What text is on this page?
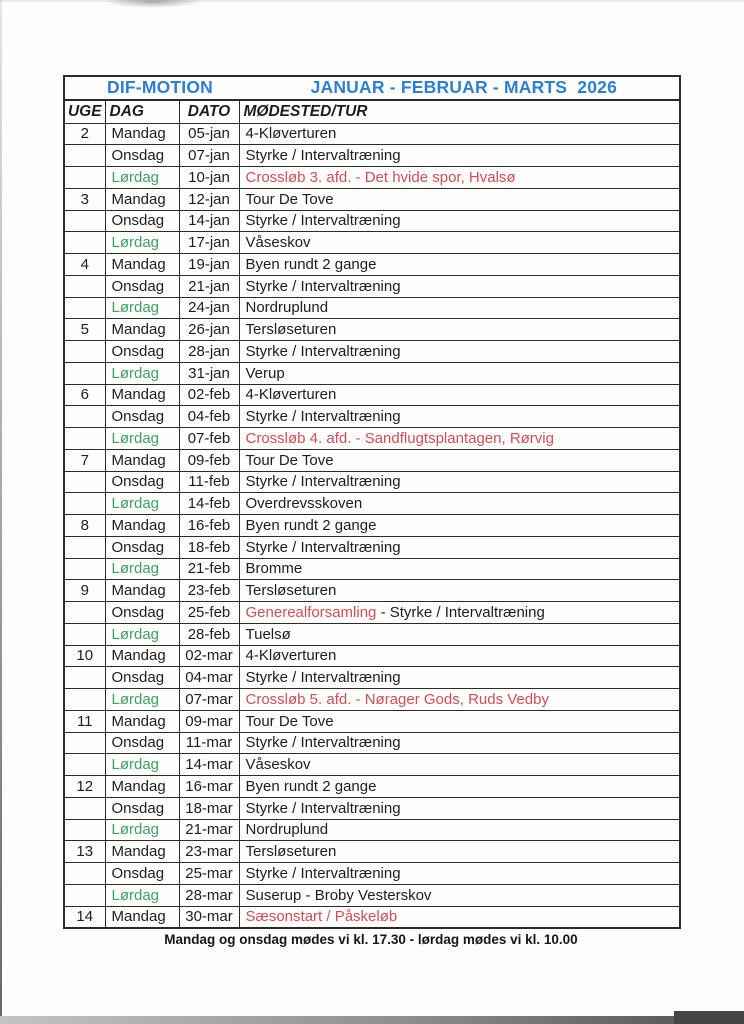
DIF-MOTION JANUAR - FEBRUAR - MARTS  2026			

UGE	DAG	DATO	MØDESTED/TUR
2	Mandag	05-jan	4-Kløverturen
	Onsdag	07-jan	Styrke / Intervaltræning
	Lørdag	10-jan	Crossløb 3. afd. - Det hvide spor, Hvalsø
3	Mandag	12-jan	Tour De Tove
	Onsdag	14-jan	Styrke / Intervaltræning
	Lørdag	17-jan	Våseskov
4	Mandag	19-jan	Byen rundt 2 gange
	Onsdag	21-jan	Styrke / Intervaltræning
	Lørdag	24-jan	Nordruplund
5	Mandag	26-jan	Tersløseturen
	Onsdag	28-jan	Styrke / Intervaltræning
	Lørdag	31-jan	Verup
6	Mandag	02-feb	4-Kløverturen
	Onsdag	04-feb	Styrke / Intervaltræning
	Lørdag	07-feb	Crossløb 4. afd. - Sandflugtsplantagen, Rørvig
7	Mandag	09-feb	Tour De Tove
	Onsdag	11-feb	Styrke / Intervaltræning
	Lørdag	14-feb	Overdrevsskoven
8	Mandag	16-feb	Byen rundt 2 gange
	Onsdag	18-feb	Styrke / Intervaltræning
	Lørdag	21-feb	Bromme
9	Mandag	23-feb	Tersløseturen
	Onsdag	25-feb	Generealforsamling - Styrke / Intervaltræning
	Lørdag	28-feb	Tuelsø
10	Mandag	02-mar	4-Kløverturen
	Onsdag	04-mar	Styrke / Intervaltræning
	Lørdag	07-mar	Crossløb 5. afd. - Nørager Gods, Ruds Vedby
11	Mandag	09-mar	Tour De Tove
	Onsdag	11-mar	Styrke / Intervaltræning
	Lørdag	14-mar	Våseskov
12	Mandag	16-mar	Byen rundt 2 gange
	Onsdag	18-mar	Styrke / Intervaltræning
	Lørdag	21-mar	Nordruplund
13	Mandag	23-mar	Tersløseturen
	Onsdag	25-mar	Styrke / Intervaltræning
	Lørdag	28-mar	Suserup - Broby Vesterskov
14	Mandag	30-mar	Sæsonstart / Påskeløb
Mandag og onsdag mødes vi kl. 17.30 - lørdag mødes vi kl. 10.00
